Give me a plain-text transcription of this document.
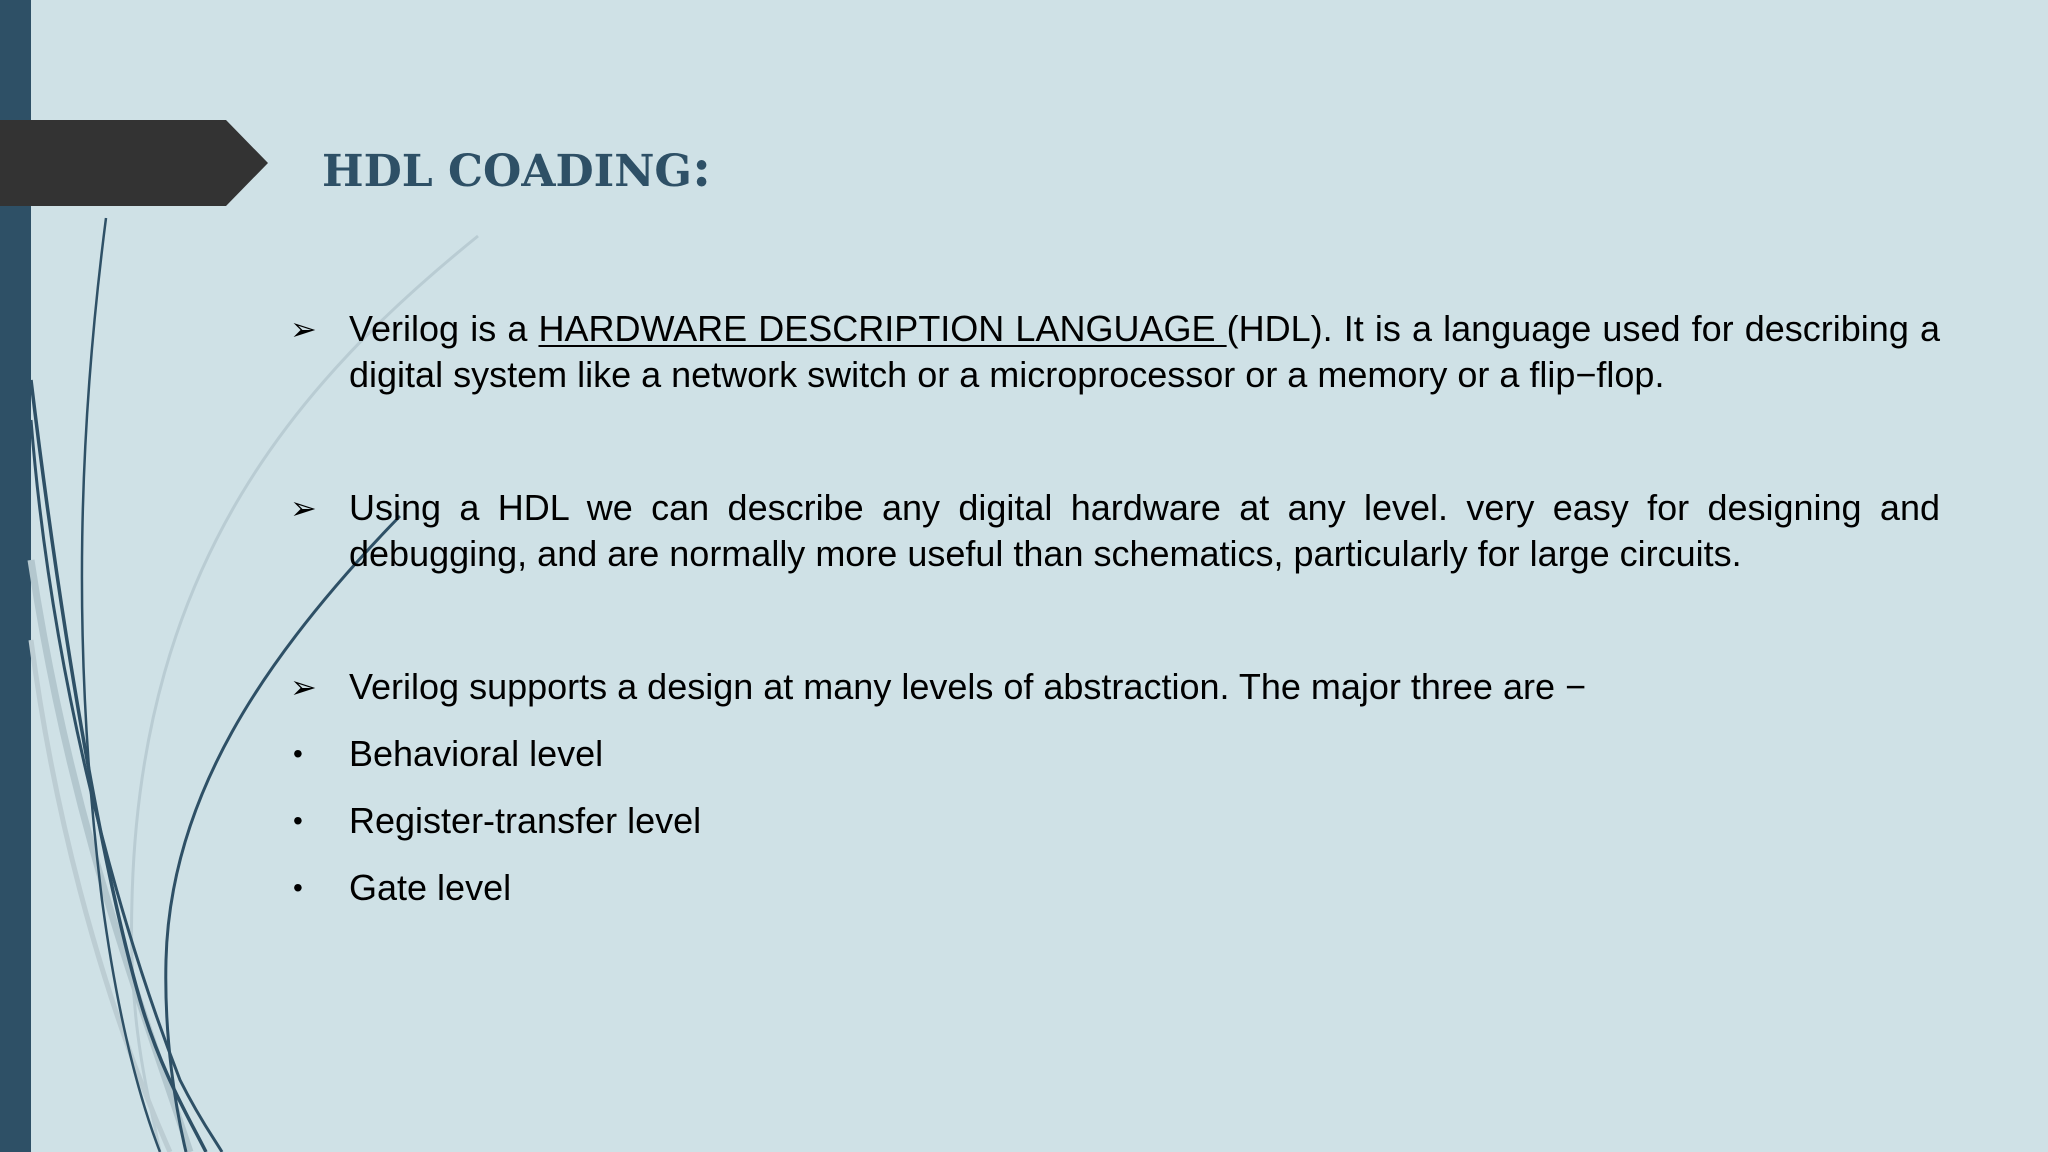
HDL COADING:

➢ Verilog is a HARDWARE DESCRIPTION LANGUAGE (HDL). It is a language used for describing a digital system like a network switch or a microprocessor or a memory or a flip−flop.

➢ Using a HDL we can describe any digital hardware at any level. very easy for designing and debugging, and are normally more useful than schematics, particularly for large circuits.

➢ Verilog supports a design at many levels of abstraction. The major three are −

• Behavioral level

• Register-transfer level

• Gate level
